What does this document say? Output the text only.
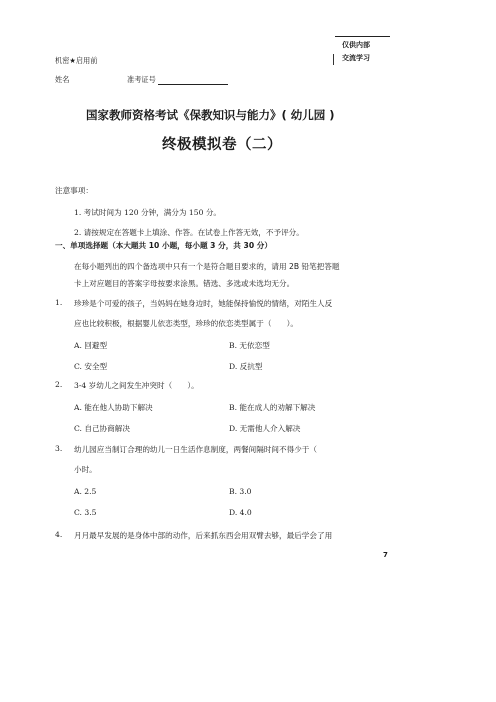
仅供内部
交流学习
机密★启用前
姓名	准考证号
国家教师资格考试《保教知识与能力》( 幼儿园 )
终极模拟卷（二）
注意事项：
1. 考试时间为 120 分钟，满分为 150 分。
2. 请按规定在答题卡上填涂、作答。在试卷上作答无效，不予评分。
一、单项选择题（本大题共 10 小题，每小题 3 分，共 30 分）
在每小题列出的四个备选项中只有一个是符合题目要求的，请用 2B 铅笔把答题
卡上对应题目的答案字母按要求涂黑。错选、多选或未选均无分。
1. 珍珍是个可爱的孩子，当妈妈在她身边时，她能保持愉悦的情绪，对陌生人反
应也比较积极，根据婴儿依恋类型，珍珍的依恋类型属于（　　）。
A. 回避型	B. 无依恋型
C. 安全型	D. 反抗型
2. 3-4 岁幼儿之间发生冲突时（　　）。
A. 能在他人协助下解决	B. 能在成人的劝解下解决
C. 自己协商解决	D. 无需他人介入解决
3. 幼儿园应当制订合理的幼儿一日生活作息制度，两餐间隔时间不得少于（
小时。
A. 2.5	B. 3.0
C. 3.5	D. 4.0
4. 月月最早发展的是身体中部的动作，后来抓东西会用双臂去够，最后学会了用
7
